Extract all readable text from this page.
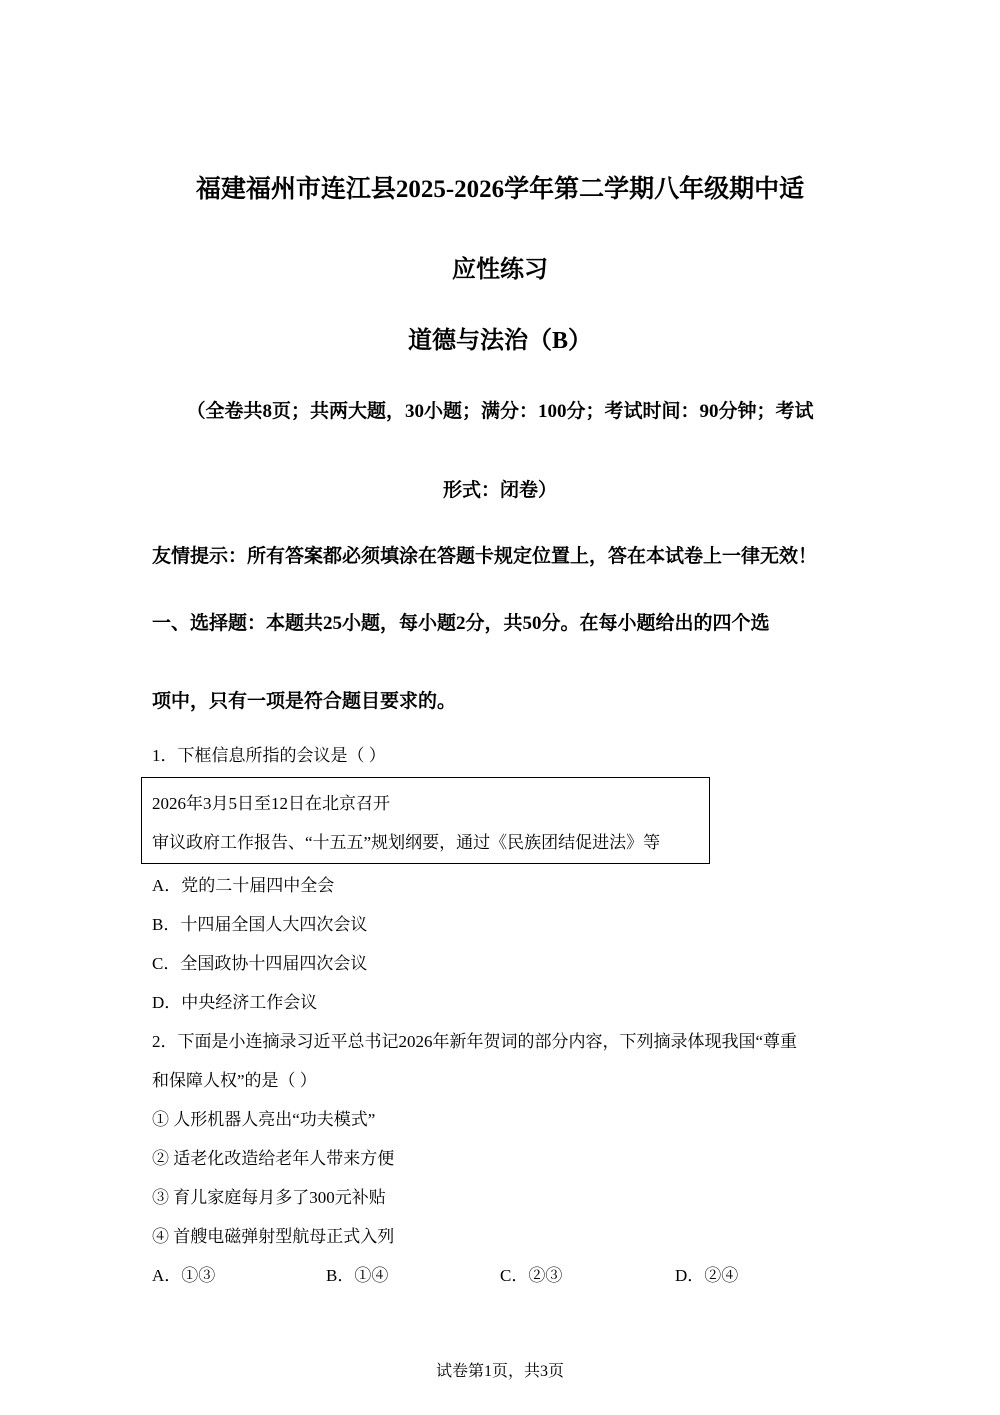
福建福州市连江县2025-2026学年第二学期八年级期中适
应性练习
道德与法治（B）
（全卷共8页；共两大题，30小题；满分：100分；考试时间：90分钟；考试
形式：闭卷）
友情提示：所有答案都必须填涂在答题卡规定位置上，答在本试卷上一律无效！
一、选择题：本题共25小题，每小题2分，共50分。在每小题给出的四个选
项中，只有一项是符合题目要求的。
1．下框信息所指的会议是（ ）
2026年3月5日至12日在北京召开
审议政府工作报告、“十五五”规划纲要，通过《民族团结促进法》等
A．党的二十届四中全会
B．十四届全国人大四次会议
C．全国政协十四届四次会议
D．中央经济工作会议
2．下面是小连摘录习近平总书记2026年新年贺词的部分内容，下列摘录体现我国“尊重
和保障人权”的是（ ）
① 人形机器人亮出“功夫模式”
② 适老化改造给老年人带来方便
③ 育儿家庭每月多了300元补贴
④ 首艘电磁弹射型航母正式入列
A．①③	B．①④	C．②③	D．②④
试卷第1页，共3页
